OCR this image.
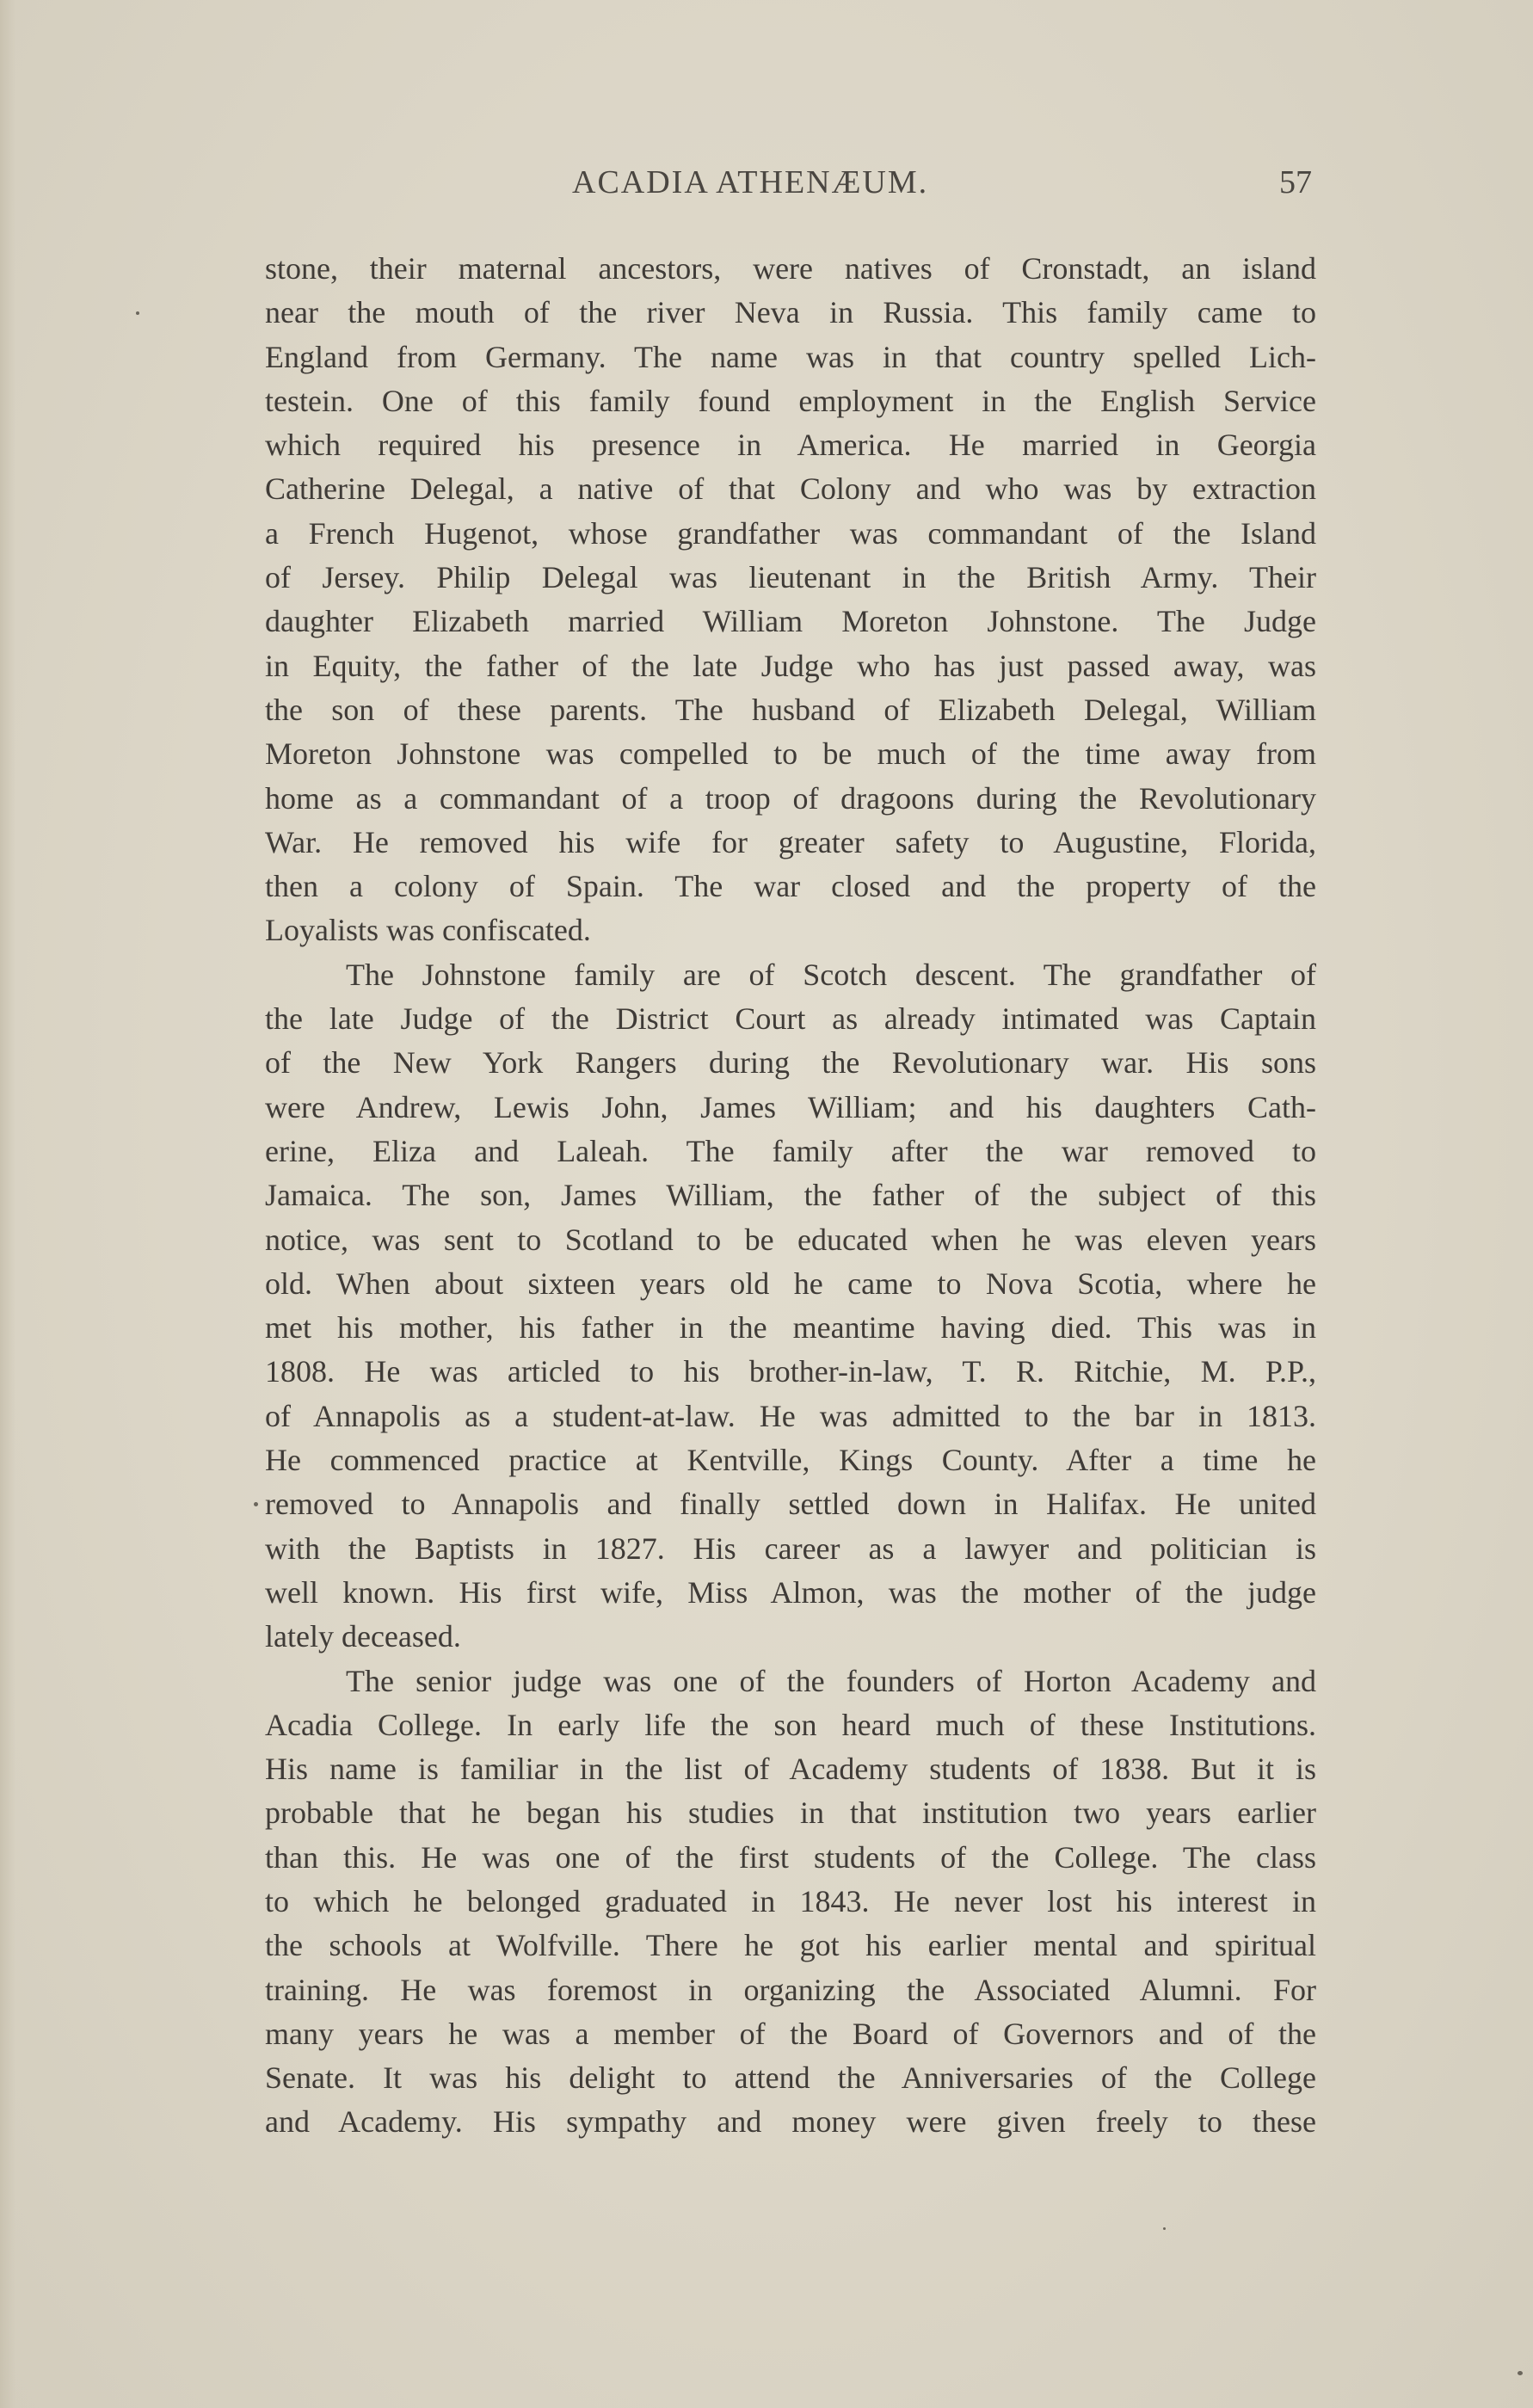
ACADIA ATHENÆUM.	57
stone, their maternal ancestors, were natives of Cronstadt, an island
near the mouth of the river Neva in Russia. This family came to
England from Germany. The name was in that country spelled Lich-
testein. One of this family found employment in the English Service
which required his presence in America. He married in Georgia
Catherine Delegal, a native of that Colony and who was by extraction
a French Hugenot, whose grandfather was commandant of the Island
of Jersey. Philip Delegal was lieutenant in the British Army. Their
daughter Elizabeth married William Moreton Johnstone. The Judge
in Equity, the father of the late Judge who has just passed away, was
the son of these parents. The husband of Elizabeth Delegal, William
Moreton Johnstone was compelled to be much of the time away from
home as a commandant of a troop of dragoons during the Revolutionary
War. He removed his wife for greater safety to Augustine, Florida,
then a colony of Spain. The war closed and the property of the
Loyalists was confiscated.
The Johnstone family are of Scotch descent. The grandfather of
the late Judge of the District Court as already intimated was Captain
of the New York Rangers during the Revolutionary war. His sons
were Andrew, Lewis John, James William; and his daughters Cath-
erine, Eliza and Laleah. The family after the war removed to
Jamaica. The son, James William, the father of the subject of this
notice, was sent to Scotland to be educated when he was eleven years
old. When about sixteen years old he came to Nova Scotia, where he
met his mother, his father in the meantime having died. This was in
1808. He was articled to his brother-in-law, T. R. Ritchie, M. P.P.,
of Annapolis as a student-at-law. He was admitted to the bar in 1813.
He commenced practice at Kentville, Kings County. After a time he
removed to Annapolis and finally settled down in Halifax. He united
with the Baptists in 1827. His career as a lawyer and politician is
well known. His first wife, Miss Almon, was the mother of the judge
lately deceased.
The senior judge was one of the founders of Horton Academy and
Acadia College. In early life the son heard much of these Institutions.
His name is familiar in the list of Academy students of 1838. But it is
probable that he began his studies in that institution two years earlier
than this. He was one of the first students of the College. The class
to which he belonged graduated in 1843. He never lost his interest in
the schools at Wolfville. There he got his earlier mental and spiritual
training. He was foremost in organizing the Associated Alumni. For
many years he was a member of the Board of Governors and of the
Senate. It was his delight to attend the Anniversaries of the College
and Academy. His sympathy and money were given freely to these
